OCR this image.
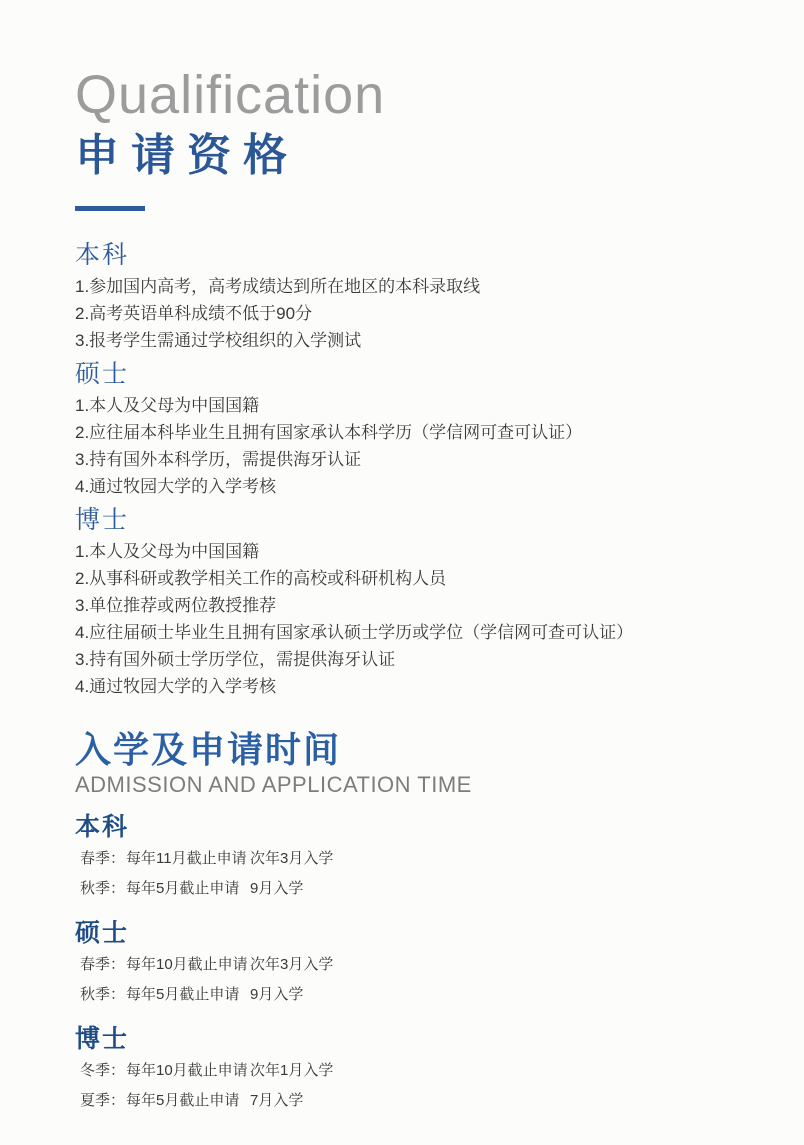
Qualification
申请资格
本科

1.参加国内高考，高考成绩达到所在地区的本科录取线

2.高考英语单科成绩不低于90分

3.报考学生需通过学校组织的入学测试

硕士

1.本人及父母为中国国籍

2.应往届本科毕业生且拥有国家承认本科学历（学信网可查可认证）

3.持有国外本科学历，需提供海牙认证

4.通过牧园大学的入学考核

博士

1.本人及父母为中国国籍

2.从事科研或教学相关工作的高校或科研机构人员

3.单位推荐或两位教授推荐

4.应往届硕士毕业生且拥有国家承认硕士学历或学位（学信网可查可认证）

3.持有国外硕士学历学位，需提供海牙认证

4.通过牧园大学的入学考核

入学及申请时间
ADMISSION AND APPLICATION TIME
本科
春季： 每年11月截止申请 次年3月入学
秋季： 每年5月截止申请 9月入学
硕士
春季： 每年10月截止申请 次年3月入学
秋季： 每年5月截止申请 9月入学
博士
冬季： 每年10月截止申请 次年1月入学
夏季： 每年5月截止申请 7月入学
